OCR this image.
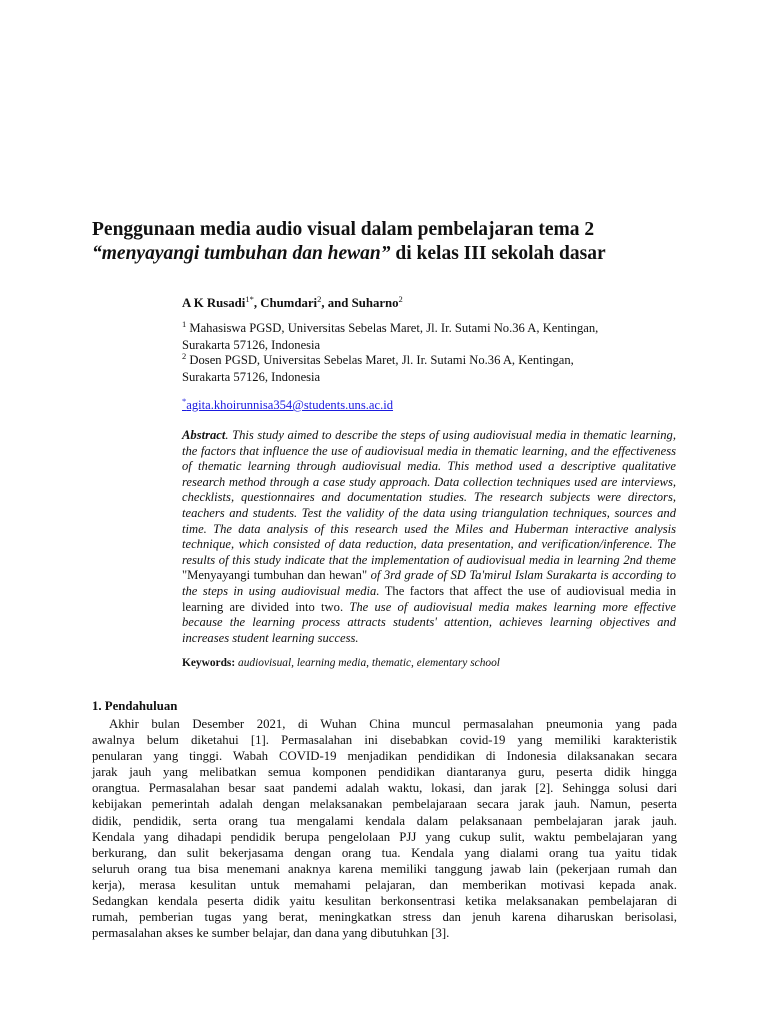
Penggunaan media audio visual dalam pembelajaran tema 2
“menyayangi tumbuhan dan hewan” di kelas III sekolah dasar
A K Rusadi$^{1*}$, Chumdari$^2$, and Suharno$^2$
$^1$ Mahasiswa PGSD, Universitas Sebelas Maret, Jl. Ir. Sutami No.36 A, Kentingan,
Surakarta 57126, Indonesia
$^2$ Dosen PGSD, Universitas Sebelas Maret, Jl. Ir. Sutami No.36 A, Kentingan,
Surakarta 57126, Indonesia
*agita.khoirunnisa354@students.uns.ac.id
Abstract. This study aimed to describe the steps of using audiovisual media in thematic learning, the factors that influence the use of audiovisual media in thematic learning, and the effectiveness of thematic learning through audiovisual media. This method used a descriptive qualitative research method through a case study approach. Data collection techniques used are interviews, checklists, questionnaires and documentation studies. The research subjects were directors, teachers and students. Test the validity of the data using triangulation techniques, sources and time. The data analysis of this research used the Miles and Huberman interactive analysis technique, which consisted of data reduction, data presentation, and verification/inference. The results of this study indicate that the implementation of audiovisual media in learning 2nd theme "Menyayangi tumbuhan dan hewan" of 3rd grade of SD Ta'mirul Islam Surakarta is according to the steps in using audiovisual media. The factors that affect the use of audiovisual media in learning are divided into two. The use of audiovisual media makes learning more effective because the learning process attracts students' attention, achieves learning objectives and increases student learning success.
Keywords: audiovisual, learning media, thematic, elementary school
1. Pendahuluan
Akhir bulan Desember 2021, di Wuhan China muncul permasalahan pneumonia yang pada
awalnya belum diketahui [1]. Permasalahan ini disebabkan covid-19 yang memiliki karakteristik
penularan yang tinggi. Wabah COVID-19 menjadikan pendidikan di Indonesia dilaksanakan secara
jarak jauh yang melibatkan semua komponen pendidikan diantaranya guru, peserta didik hingga
orangtua. Permasalahan besar saat pandemi adalah waktu, lokasi, dan jarak [2]. Sehingga solusi dari
kebijakan pemerintah adalah dengan melaksanakan pembelajaraan secara jarak jauh. Namun, peserta
didik, pendidik, serta orang tua mengalami kendala dalam pelaksanaan pembelajaran jarak jauh.
Kendala yang dihadapi pendidik berupa pengelolaan PJJ yang cukup sulit, waktu pembelajaran yang
berkurang, dan sulit bekerjasama dengan orang tua. Kendala yang dialami orang tua yaitu tidak
seluruh orang tua bisa menemani anaknya karena memiliki tanggung jawab lain (pekerjaan rumah dan
kerja), merasa kesulitan untuk memahami pelajaran, dan memberikan motivasi kepada anak.
Sedangkan kendala peserta didik yaitu kesulitan berkonsentrasi ketika melaksanakan pembelajaran di
rumah, pemberian tugas yang berat, meningkatkan stress dan jenuh karena diharuskan berisolasi,
permasalahan akses ke sumber belajar, dan dana yang dibutuhkan [3].
